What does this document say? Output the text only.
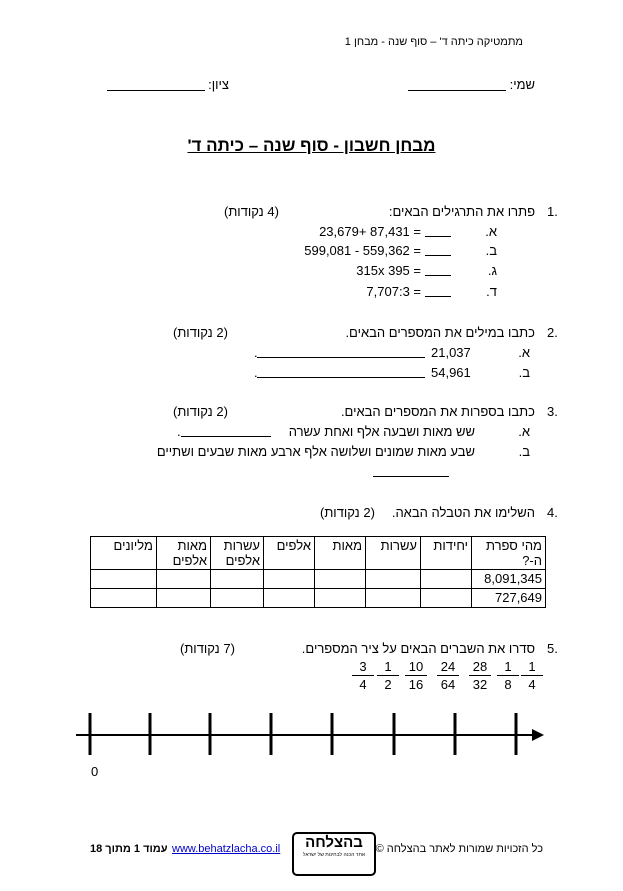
מתמטיקה כיתה ד' – סוף שנה - מבחן 1
שמי:
ציון:
מבחן חשבון - סוף שנה – כיתה ד'
1.
פתרו את התרגילים הבאים:
(4 נקודות)
א.
23,679+ 87,431 =
ב.
599,081 - 559,362 =
ג.
315x 395 =
ד.
7,707:3 =
2.
כתבו במילים את המספרים הבאים.
(2 נקודות)
א.
21,037
.
ב.
54,961
.
3.
כתבו בספרות את המספרים הבאים.
(2 נקודות)
א.
שש מאות ושבעה אלף ואחת עשרה
.
ב.
שבע מאות שמונים ושלושה אלף ארבע מאות שבעים ושתיים
4.
השלימו את הטבלה הבאה.
(2 נקודות)
מהי ספרת ה-?	יחידות	עשרות	מאות	אלפים	עשרות אלפים	מאות אלפים	מליונים
8,091,345							
727,649							
5.
סדרו את השברים הבאים על ציר המספרים.
(7 נקודות)
$\frac{1}{4}$
$\frac{1}{8}$
$\frac{28}{32}$
$\frac{24}{64}$
$\frac{10}{16}$
$\frac{1}{2}$
$\frac{3}{4}$
0
כל הזכויות שמורות לאתר בהצלחה ©
בהצלחה
אתר הכנה לבחינות של ישראל
www.behatzlacha.co.il
עמוד 1 מתוך 18
